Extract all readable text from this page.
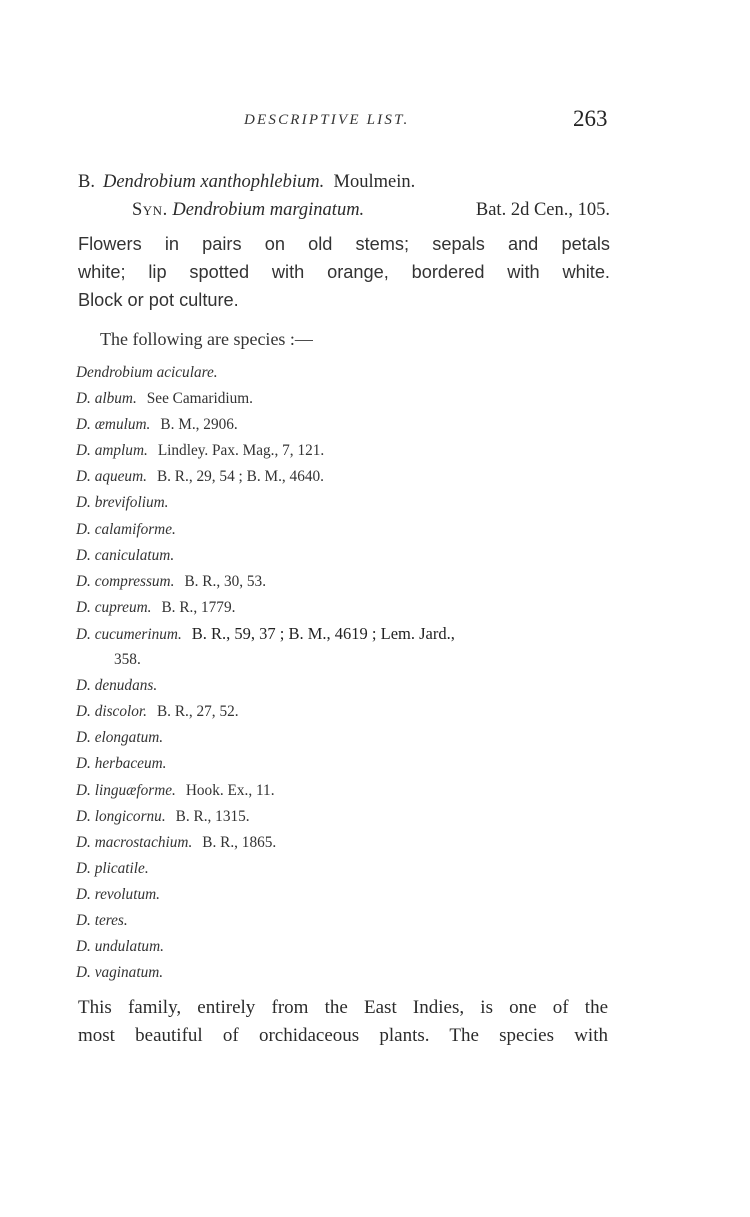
DESCRIPTIVE LIST.	263
B. Dendrobium xanthophlebium. Moulmein.
Syn. Dendrobium marginatum.	Bat. 2d Cen., 105.
Flowers in pairs on old stems; sepals and petals
white; lip spotted with orange, bordered with white.
Block or pot culture.
The following are species :—
Dendrobium aciculare.
D. album. See Camaridium.
D. æmulum. B. M., 2906.
D. amplum. Lindley. Pax. Mag., 7, 121.
D. aqueum. B. R., 29, 54 ; B. M., 4640.
D. brevifolium.
D. calamiforme.
D. caniculatum.
D. compressum. B. R., 30, 53.
D. cupreum. B. R., 1779.
D. cucumerinum. B. R., 59, 37 ; B. M., 4619 ; Lem. Jard.,
358.
D. denudans.
D. discolor. B. R., 27, 52.
D. elongatum.
D. herbaceum.
D. linguæforme. Hook. Ex., 11.
D. longicornu. B. R., 1315.
D. macrostachium. B. R., 1865.
D. plicatile.
D. revolutum.
D. teres.
D. undulatum.
D. vaginatum.
This family, entirely from the East Indies, is one of the
most beautiful of orchidaceous plants. The species with
